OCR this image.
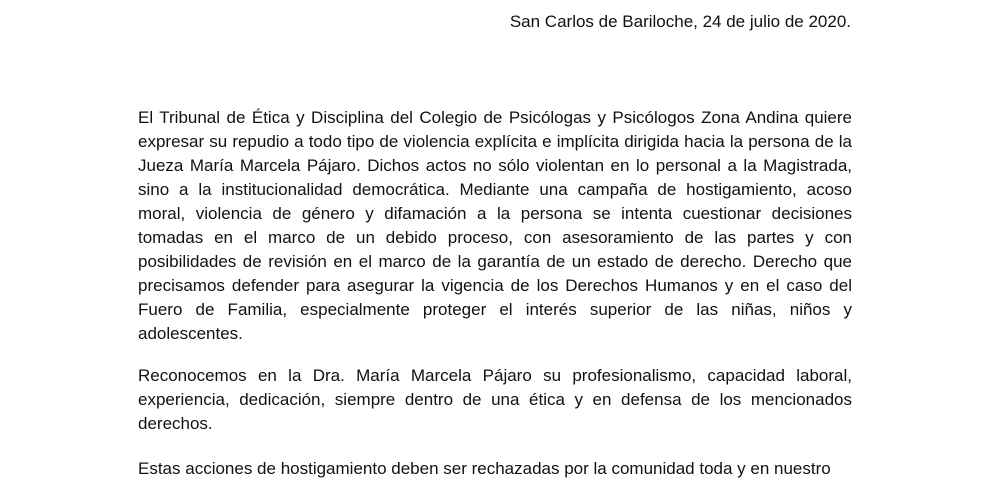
San Carlos de Bariloche, 24 de julio de 2020.

El Tribunal de Ética y Disciplina del Colegio de Psicólogas y Psicólogos Zona Andina quiere expresar su repudio a todo tipo de violencia explícita e implícita dirigida hacia la persona de la Jueza María Marcela Pájaro. Dichos actos no sólo violentan en lo personal a la Magistrada, sino a la institucionalidad democrática. Mediante una campaña de hostigamiento, acoso moral, violencia de género y difamación a la persona se intenta cuestionar decisiones tomadas en el marco de un debido proceso, con asesoramiento de las partes y con posibilidades de revisión en el marco de la garantía de un estado de derecho. Derecho que precisamos defender para asegurar la vigencia de los Derechos Humanos y en el caso del Fuero de Familia, especialmente proteger el interés superior de las niñas, niños y adolescentes.

Reconocemos en la Dra. María Marcela Pájaro su profesionalismo, capacidad laboral, experiencia, dedicación, siempre dentro de una ética y en defensa de los mencionados derechos.

Estas acciones de hostigamiento deben ser rechazadas por la comunidad toda y en nuestro
